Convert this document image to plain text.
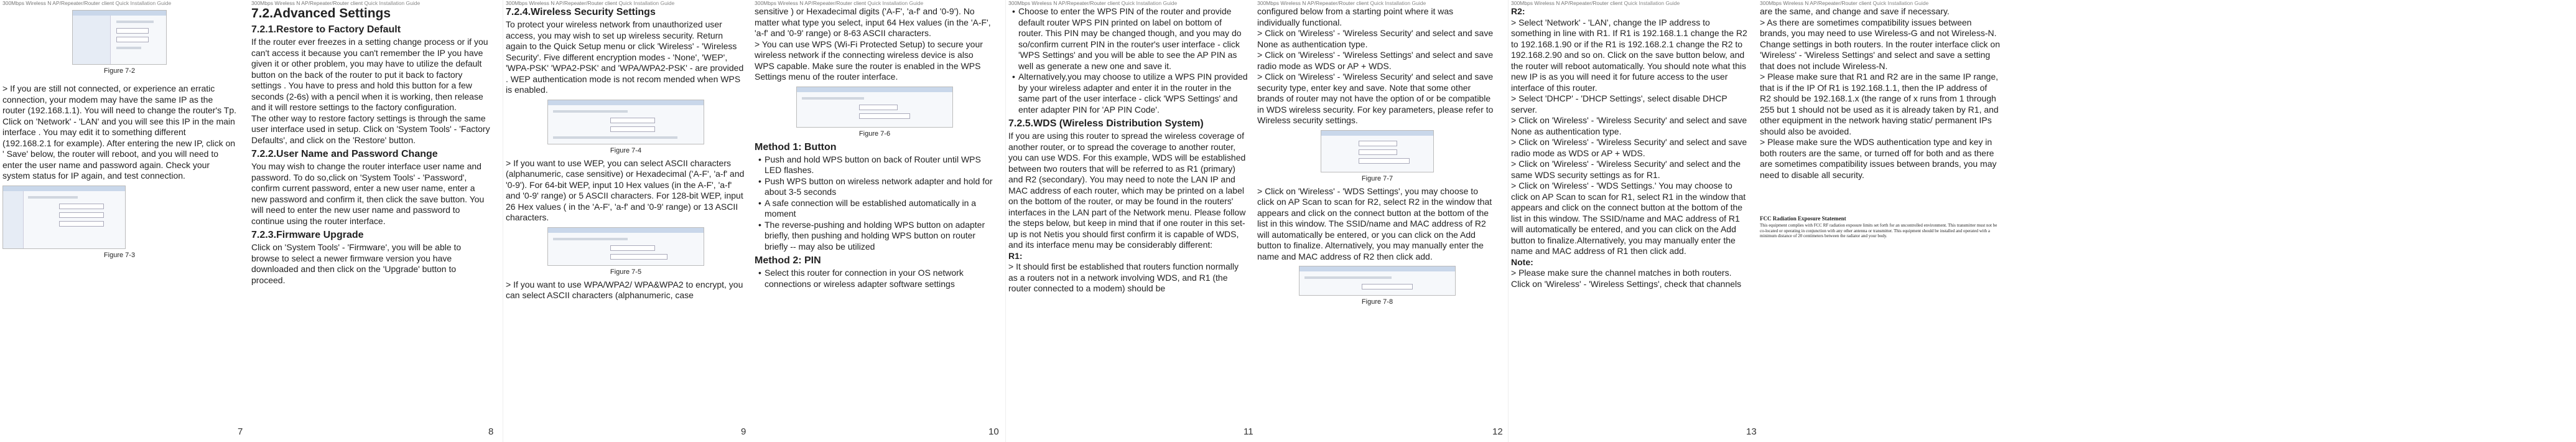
300Mbps Wireless N AP/Repeater/Router client Quick Installation Guide

Figure 7-2

> If you are still not connected, or experience an erratic connection, your modem may have the same IP as the router (192.168.1.1). You will need to change the router's Tp. Click on 'Network' - 'LAN' and you will see this IP in the main interface . You may edit it to something different (192.168.2.1 for example). After entering the new IP, click on ' Save' below, the router will reboot, and you will need to enter the user name and password again. Check your system status for IP again, and test connection.

Figure 7-3

7
300Mbps Wireless N AP/Repeater/Router client Quick Installation Guide

7.2.Advanced Settings

7.2.1.Restore to Factory Default

If the router ever freezes in a setting change process or if you can't access it because you can't remember the IP you have given it or other problem, you may have to utilize the default button on the back of the router to put it back to factory settings . You have to press and hold this button for a few seconds (2-6s) with a pencil when it is working, then release and it will restore settings to the factory configuration.

The other way to restore factory settings is through the same user interface used in setup. Click on 'System Tools' - 'Factory Defaults', and click on the 'Restore' button.

7.2.2.User Name and Password Change

You may wish to change the router interface user name and password. To do so,click on 'System Tools' - 'Password', confirm current password, enter a new user name, enter a new password and confirm it, then click the save button. You will need to enter the new user name and password to continue using the router interface.

7.2.3.Firmware Upgrade

Click on 'System Tools' - 'Firmware', you will be able to browse to select a newer firmware version you have downloaded and then click on the 'Upgrade' button to proceed.

8
300Mbps Wireless N AP/Repeater/Router client Quick Installation Guide

7.2.4.Wireless Security Settings

To protect your wireless network from unauthorized user access, you may wish to set up wireless security. Return again to the Quick Setup menu or click 'Wireless' - 'Wireless Security'. Five different encryption modes - 'None', 'WEP', 'WPA-PSK' 'WPA2-PSK' and 'WPA/WPA2-PSK' - are provided . WEP authentication mode is not recom mended when WPS is enabled.

Figure 7-4

> If you want to use WEP, you can select ASCII characters (alphanumeric, case sensitive) or Hexadecimal ('A-F', 'a-f' and '0-9'). For 64-bit WEP, input 10 Hex values (in the A-F', 'a-f' and '0-9' range) or 5 ASCII characters. For 128-bit WEP, input 26 Hex values ( in the 'A-F', 'a-f' and '0-9' range) or 13 ASCII characters.

Figure 7-5

> If you want to use WPA/WPA2/ WPA&WPA2 to encrypt, you can select ASCII characters (alphanumeric, case

9
300Mbps Wireless N AP/Repeater/Router client Quick Installation Guide

sensitive ) or Hexadecimal digits ('A-F', 'a-f' and '0-9'). No matter what type you select, input 64 Hex values (in the 'A-F', 'a-f' and '0-9' range) or 8-63 ASCII characters.

> You can use WPS (Wi-Fi Protected Setup) to secure your wireless network if the connecting wireless device is also WPS capable. Make sure the router is enabled in the WPS Settings menu of the router interface.

Figure 7-6

Method 1: Button

• Push and hold WPS button on back of Router until WPS LED flashes.

• Push WPS button on wireless network adapter and hold for about 3-5 seconds

• A safe connection will be established automatically in a moment

• The reverse-pushing and holding WPS button on adapter briefly, then pushing and holding WPS button on router briefly -- may also be utilized

Method 2: PIN

• Select this router for connection in your OS network connections or wireless adapter software settings

10
300Mbps Wireless N AP/Repeater/Router client Quick Installation Guide

• Choose to enter the WPS PIN of the router and provide default router WPS PIN printed on label on bottom of router. This PIN may be changed though, and you may do so/confirm current PIN in the router's user interface - click 'WPS Settings' and you will be able to see the AP PIN as well as generate a new one and save it.

• Alternatively,you may choose to utilize a WPS PIN provided by your wireless adapter and enter it in the router in the same part of the user interface - click 'WPS Settings' and enter adapter PIN for 'AP PIN Code'.

7.2.5.WDS (Wireless Distribution System)

If you are using this router to spread the wireless coverage of another router, or to spread the coverage to another router, you can use WDS. For this example, WDS will be established between two routers that will be referred to as R1 (primary) and R2 (secondary). You may need to note the LAN IP and MAC address of each router, which may be printed on a label on the bottom of the router, or may be found in the routers' interfaces in the LAN part of the Network menu. Please follow the steps below, but keep in mind that if one router in this set-up is not Netis you should first confirm it is capable of WDS, and its interface menu may be considerably different:

R1:

> It should first be established that routers function normally as a routers not in a network involving WDS, and R1 (the router connected to a modem) should be

11
300Mbps Wireless N AP/Repeater/Router client Quick Installation Guide

configured below from a starting point where it was individually functional.

> Click on 'Wireless' - 'Wireless Security' and select and save None as authentication type.

> Click on 'Wireless' - 'Wireless Settings' and select and save radio mode as WDS or AP + WDS.

> Click on 'Wireless' - 'Wireless Security' and select and save security type, enter key and save. Note that some other brands of router may not have the option of or be compatible in WDS wireless security. For key parameters, please refer to Wireless security settings.

Figure 7-7

> Click on 'Wireless' - 'WDS Settings', you may choose to click on AP Scan to scan for R2, select R2 in the window that appears and click on the connect button at the bottom of the list in this window. The SSID/name and MAC address of R2 will automatically be entered, or you can click on the Add button to finalize. Alternatively, you may manually enter the name and MAC address of R2 then click add.

Figure 7-8

12
300Mbps Wireless N AP/Repeater/Router client Quick Installation Guide

R2:

> Select 'Network' - 'LAN', change the IP address to something in line with R1. If R1 is 192.168.1.1 change the R2 to 192.168.1.90 or if the R1 is 192.168.2.1 change the R2 to 192.168.2.90 and so on. Click on the save button below, and the router will reboot automatically. You should note what this new IP is as you will need it for future access to the user interface of this router.

> Select 'DHCP' - 'DHCP Settings', select disable DHCP server.

> Click on 'Wireless' - 'Wireless Security' and select and save None as authentication type.

> Click on 'Wireless' - 'Wireless Security' and select and save radio mode as WDS or AP + WDS.

> Click on 'Wireless' - 'Wireless Security' and select and the same WDS security settings as for R1.

> Click on 'Wireless' - 'WDS Settings.' You may choose to click on AP Scan to scan for R1, select R1 in the window that appears and click on the connect button at the bottom of the list in this window. The SSID/name and MAC address of R1 will automatically be entered, and you can click on the Add button to finalize.Alternatively, you may manually enter the name and MAC address of R1 then click add.

Note:

> Please make sure the channel matches in both routers. Click on 'Wireless' - 'Wireless Settings', check that channels

13
300Mbps Wireless N AP/Repeater/Router client Quick Installation Guide

are the same, and change and save if necessary.

> As there are sometimes compatibility issues between brands, you may need to use Wireless-G and not Wireless-N. Change settings in both routers. In the router interface click on 'Wireless' - 'Wireless Settings' and select and save a setting that does not include Wireless-N.

> Please make sure that R1 and R2 are in the same IP range, that is if the IP Of R1 is 192.168.1.1, then the IP address of R2 should be 192.168.1.x (the range of x runs from 1 through 255 but 1 should not be used as it is already taken by R1, and other equipment in the network having static/ permanent IPs should also be avoided.

> Please make sure the WDS authentication type and key in both routers are the same, or turned off for both and as there are sometimes compatibility issues between brands, you may need to disable all security.

FCC Radiation Exposure Statement

This equipment complies with FCC RF radiation exposure limits set forth for an uncontrolled environment. This transmitter must not be co-located or operating in conjunction with any other antenna or transmitter. This equipment should be installed and operated with a minimum distance of 20 centimeters between the radiator and your body.
